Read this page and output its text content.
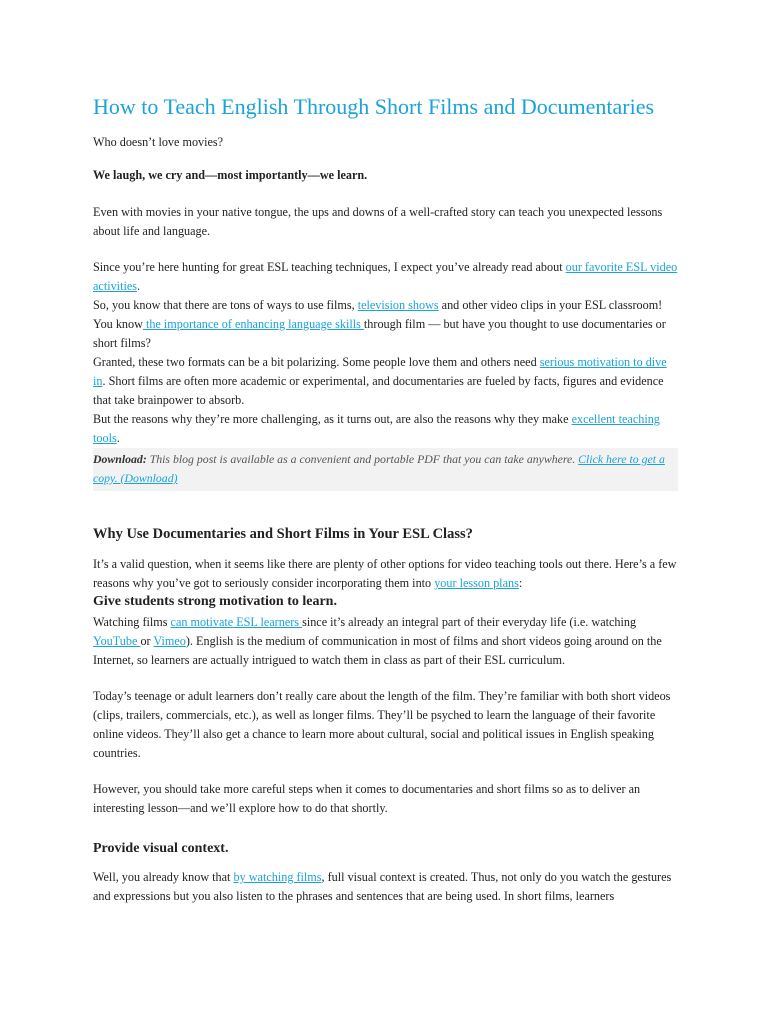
How to Teach English Through Short Films and Documentaries

Who doesn’t love movies?

We laugh, we cry and—most importantly—we learn.

Even with movies in your native tongue, the ups and downs of a well-crafted story can teach you unexpected lessons about life and language.

Since you’re here hunting for great ESL teaching techniques, I expect you’ve already read about our favorite ESL video activities.

So, you know that there are tons of ways to use films, television shows and other video clips in your ESL classroom!

You know the importance of enhancing language skills through film — but have you thought to use documentaries or short films?

Granted, these two formats can be a bit polarizing. Some people love them and others need serious motivation to dive in. Short films are often more academic or experimental, and documentaries are fueled by facts, figures and evidence that take brainpower to absorb.

But the reasons why they’re more challenging, as it turns out, are also the reasons why they make excellent teaching tools.

Download: This blog post is available as a convenient and portable PDF that you can take anywhere. Click here to get a copy. (Download)
Why Use Documentaries and Short Films in Your ESL Class?

It’s a valid question, when it seems like there are plenty of other options for video teaching tools out there. Here’s a few reasons why you’ve got to seriously consider incorporating them into your lesson plans:

Give students strong motivation to learn.

Watching films can motivate ESL learners since it’s already an integral part of their everyday life (i.e. watching YouTube or Vimeo). English is the medium of communication in most of films and short videos going around on the Internet, so learners are actually intrigued to watch them in class as part of their ESL curriculum.

Today’s teenage or adult learners don’t really care about the length of the film. They’re familiar with both short videos (clips, trailers, commercials, etc.), as well as longer films. They’ll be psyched to learn the language of their favorite online videos. They’ll also get a chance to learn more about cultural, social and political issues in English speaking countries.

However, you should take more careful steps when it comes to documentaries and short films so as to deliver an interesting lesson—and we’ll explore how to do that shortly.

Provide visual context.

Well, you already know that by watching films, full visual context is created. Thus, not only do you watch the gestures and expressions but you also listen to the phrases and sentences that are being used. In short films, learners
